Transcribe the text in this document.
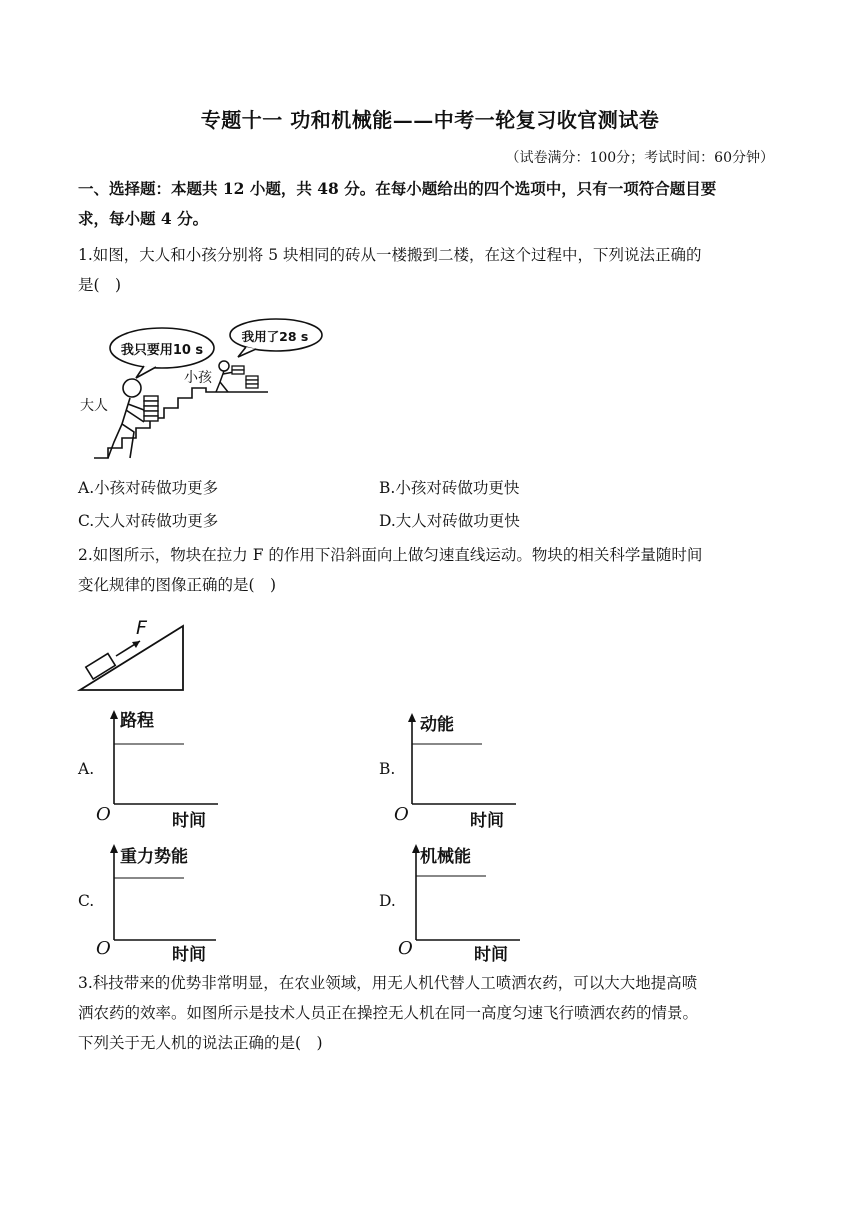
专题十一 功和机械能——中考一轮复习收官测试卷
（试卷满分：100分；考试时间：60分钟）
一、选择题：本题共 12 小题，共 48 分。在每小题给出的四个选项中，只有一项符合题目要
求，每小题 4 分。
1.如图，大人和小孩分别将 5 块相同的砖从一楼搬到二楼，在这个过程中，下列说法正确的
是(　)
我只要用10 s
我用了28 s
大人
小孩
A.小孩对砖做功更多	B.小孩对砖做功更快
C.大人对砖做功更多	D.大人对砖做功更快
2.如图所示，物块在拉力 F 的作用下沿斜面向上做匀速直线运动。物块的相关科学量随时间
变化规律的图像正确的是(　)
F
A.
路程
时间
O
B.
动能
时间
O
C.
重力势能
时间
O
D.
机械能
时间
O
3.科技带来的优势非常明显，在农业领域，用无人机代替人工喷洒农药，可以大大地提高喷
洒农药的效率。如图所示是技术人员正在操控无人机在同一高度匀速飞行喷洒农药的情景。
下列关于无人机的说法正确的是(　)
